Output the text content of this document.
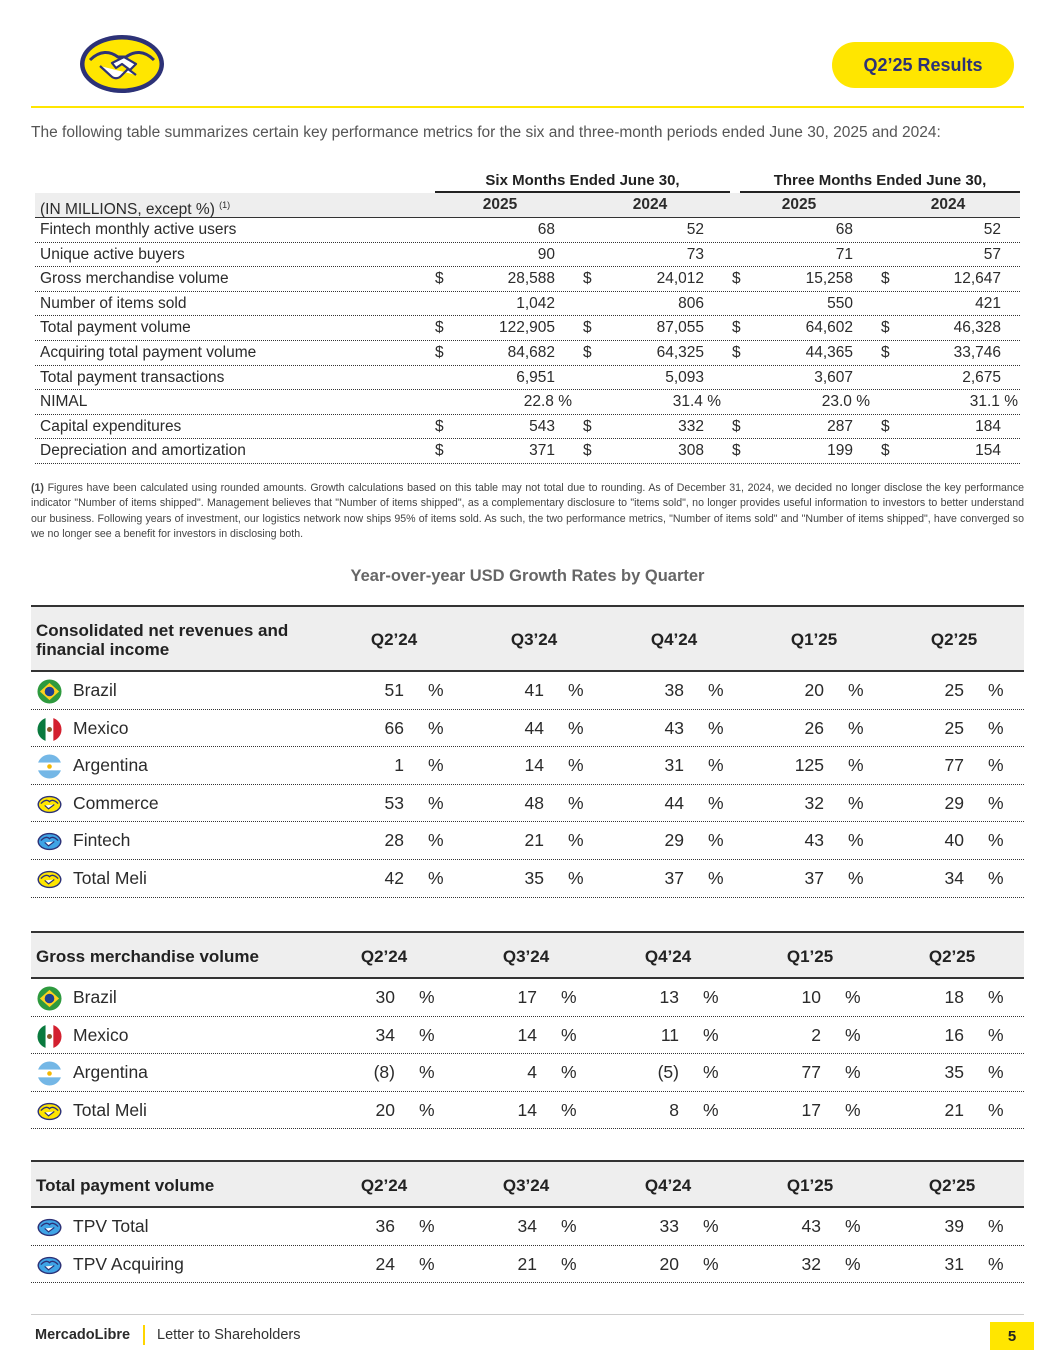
Q2’25 Results

The following table summarizes certain key performance metrics for the six and three-month periods ended June 30, 2025 and 2024:

Six Months Ended June 30,	Three Months Ended June 30,
(IN MILLIONS, except %) $^{(1)}$	2025	2024	2025	2024
Fintech monthly active users	68	52	68	52
Unique active buyers	90	73	71	57
Gross merchandise volume	$	28,588 $	24,012 $	15,258 $	12,647
Number of items sold	1,042	806	550	421
Total payment volume	$	122,905 $	87,055 $	64,602 $	46,328
Acquiring total payment volume	$	84,682 $	64,325 $	44,365 $	33,746
Total payment transactions	6,951	5,093	3,607	2,675
NIMAL	22.8 %	31.4 %	23.0 %	31.1 %
Capital expenditures	$	543 $	332 $	287 $	184
Depreciation and amortization	$	371 $	308 $	199 $	154

(1) Figures have been calculated using rounded amounts. Growth calculations based on this table may not total due to rounding. As of December 31, 2024, we decided no longer disclose the key performance indicator "Number of items shipped". Management believes that "Number of items shipped", as a complementary disclosure to "items sold", no longer provides useful information to investors to better understand our business. Following years of investment, our logistics network now ships 95% of items sold. As such, the two performance metrics, "Number of items sold" and "Number of items shipped", have converged so we no longer see a benefit for investors in disclosing both.

Year-over-year USD Growth Rates by Quarter
Consolidated net revenues and financial income
Q2’24	Q3’24	Q4’24	Q1’25	Q2’25
Brazil	51 %	41 %	38 %	20 %	25 %
Mexico	66 %	44 %	43 %	26 %	25 %
Argentina	1 %	14 %	31 %	125 %	77 %
Commerce	53 %	48 %	44 %	32 %	29 %
Fintech	28 %	21 %	29 %	43 %	40 %
Total Meli	42 %	35 %	37 %	37 %	34 %
Gross merchandise volume	Q2’24	Q3’24	Q4’24	Q1’25	Q2’25
Brazil	30 %	17 %	13 %	10 %	18 %
Mexico	34 %	14 %	11 %	2 %	16 %
Argentina	(8) %	4 %	(5) %	77 %	35 %
Total Meli	20 %	14 %	8 %	17 %	21 %
Total payment volume	Q2’24	Q3’24	Q4’24	Q1’25	Q2’25
TPV Total	36 %	34 %	33 %	43 %	39 %
TPV Acquiring	24 %	21 %	20 %	32 %	31 %
MercadoLibre Letter to Shareholders	5
